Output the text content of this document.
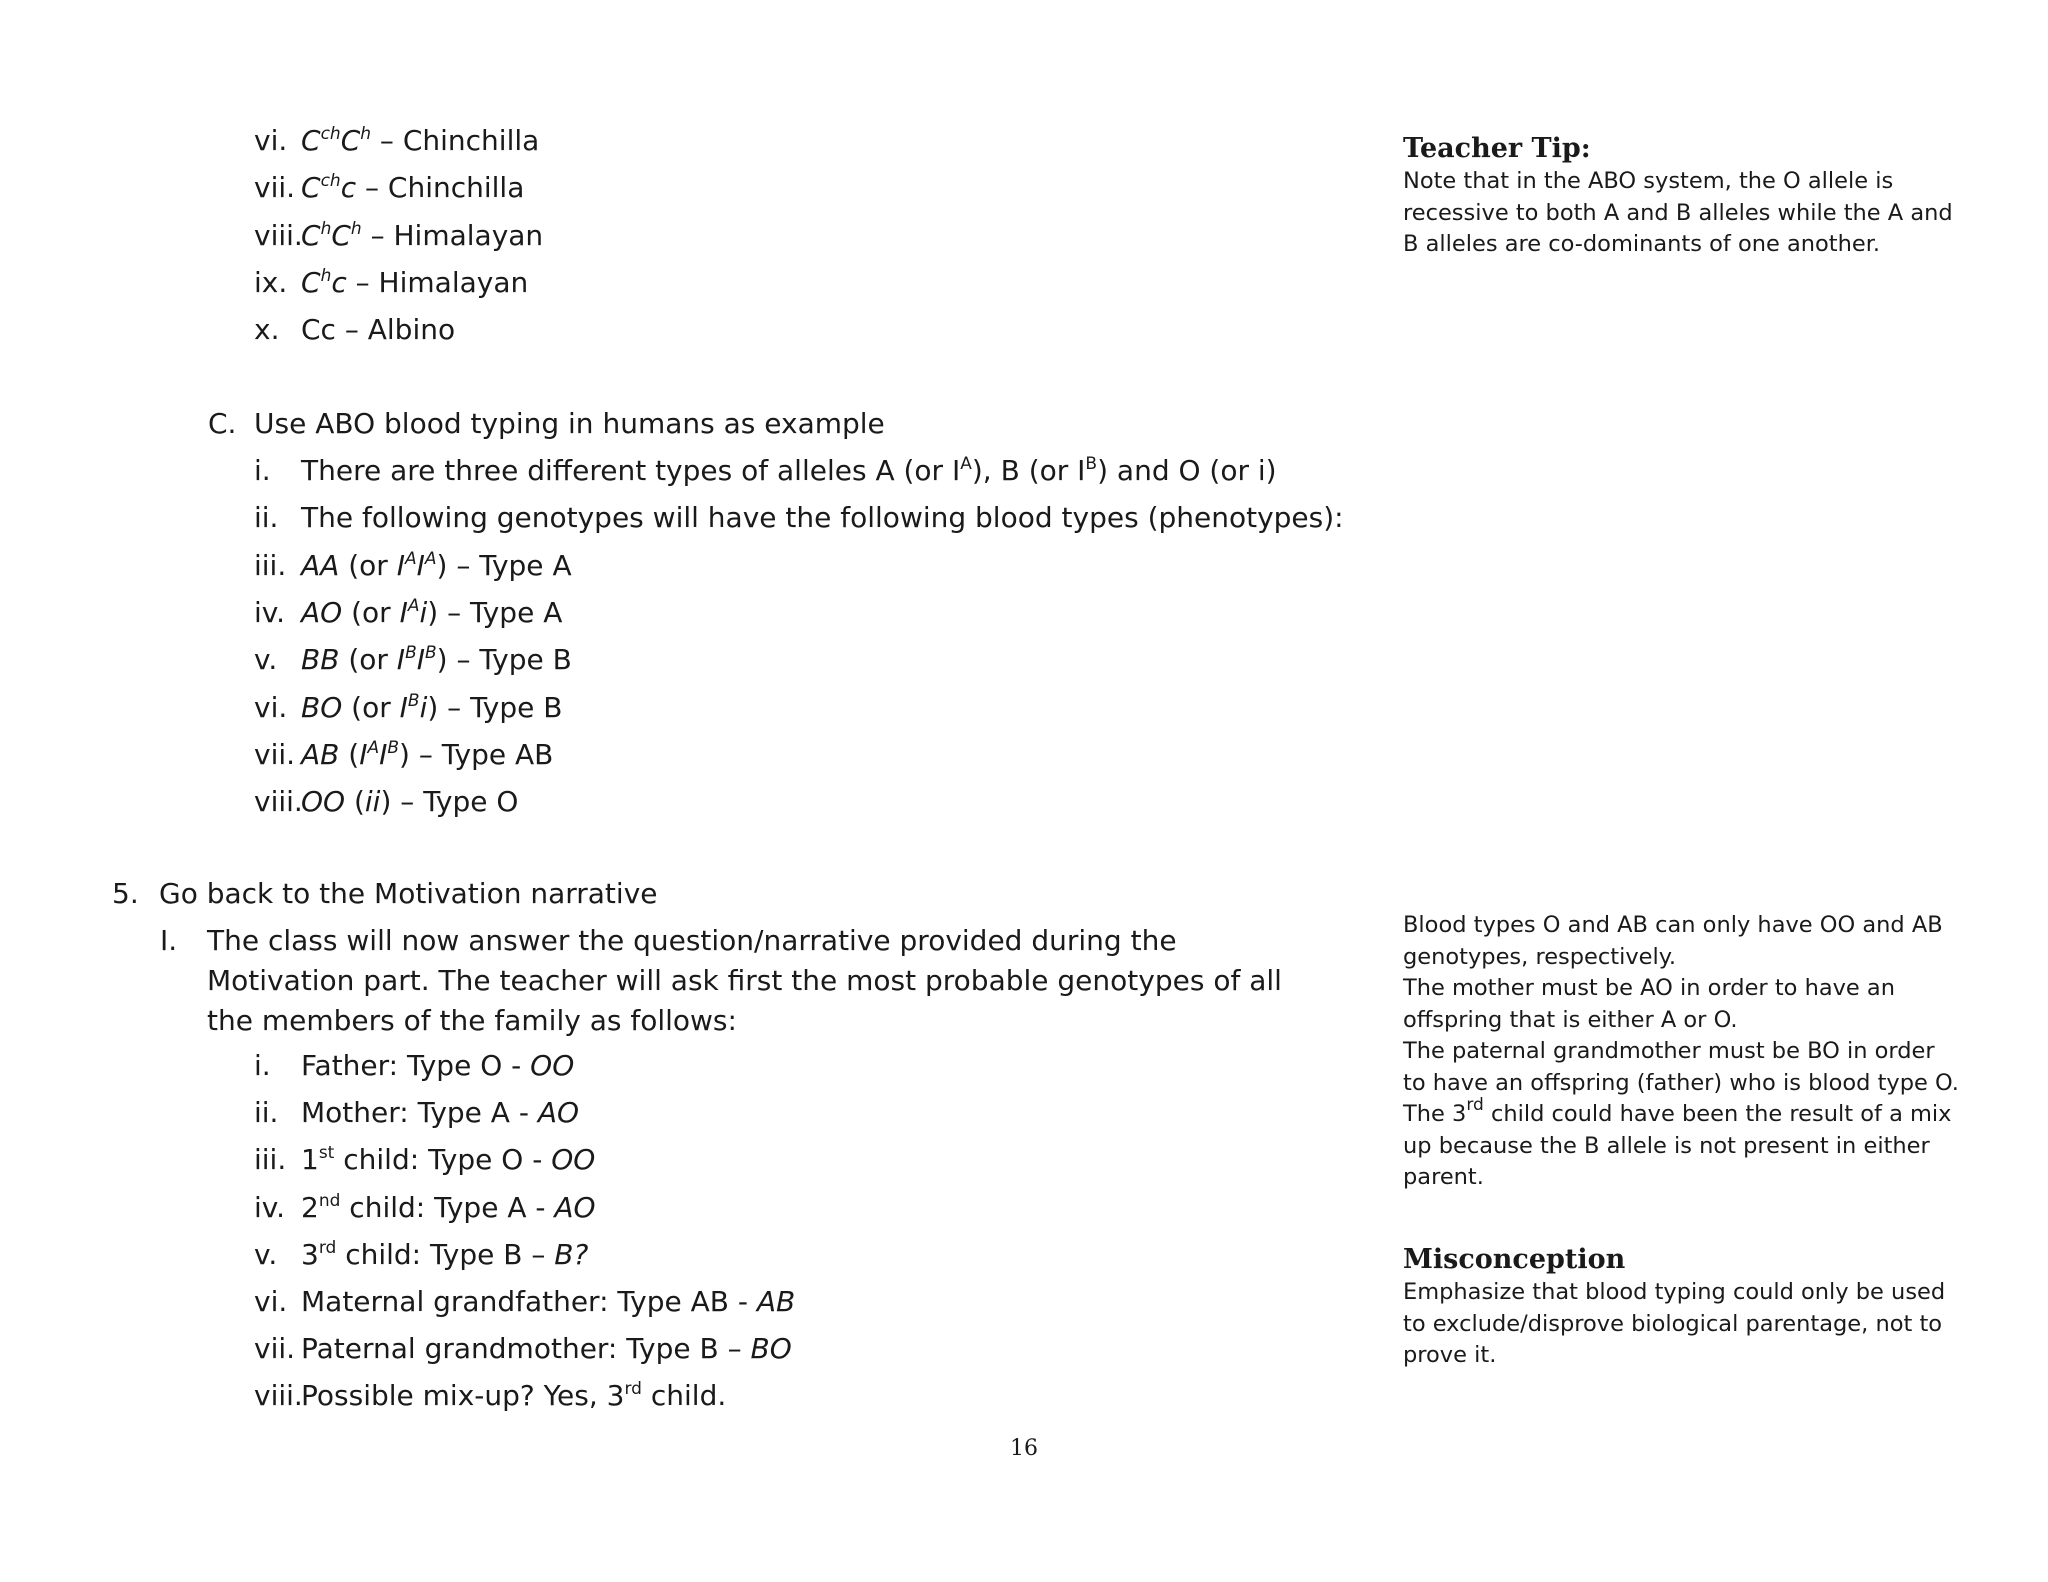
vi. $C^{ch}C^h$ – Chinchilla
vii. $C^{ch}c$ – Chinchilla
viii.
$C^hC^h$ – Himalayan
ix. $C^hc$ – Himalayan
x. Cc – Albino
C. Use ABO blood typing in humans as example
i. There are three different types of alleles A (or $I^A$), B (or $I^B$) and O (or i)
ii. The following genotypes will have the following blood types (phenotypes):
iii. AA (or $I^AI^A$) – Type A
iv. AO (or $I^Ai$) – Type A
v. BB (or $I^BI^B$) – Type B
vi. BO (or $I^Bi$) – Type B
vii. AB $(I^AI^B)$ – Type AB
viii.
OO (ii) – Type O
5. Go back to the Motivation narrative
I. The class will now answer the question/narrative provided during the Motivation part. The teacher will ask first the most probable genotypes of all the members of the family as follows:
i. Father: Type O - OO
ii. Mother: Type A - AO
iii. 1st child: Type O - OO
iv. 2nd child: Type A - AO
v. 3rd child: Type B – B?
vi. Maternal grandfather: Type AB - AB
vii. Paternal grandmother: Type B – BO
viii.
Possible mix-up? Yes, 3rd child.
Teacher Tip:
Note that in the ABO system, the O allele is recessive to both A and B alleles while the A and B alleles are co-dominants of one another.
Blood types O and AB can only have OO and AB genotypes, respectively.
The mother must be AO in order to have an offspring that is either A or O.
The paternal grandmother must be BO in order to have an offspring (father) who is blood type O.
The 3rd child could have been the result of a mix up because the B allele is not present in either parent.
Misconception
Emphasize that blood typing could only be used to exclude/disprove biological parentage, not to prove it.
16
